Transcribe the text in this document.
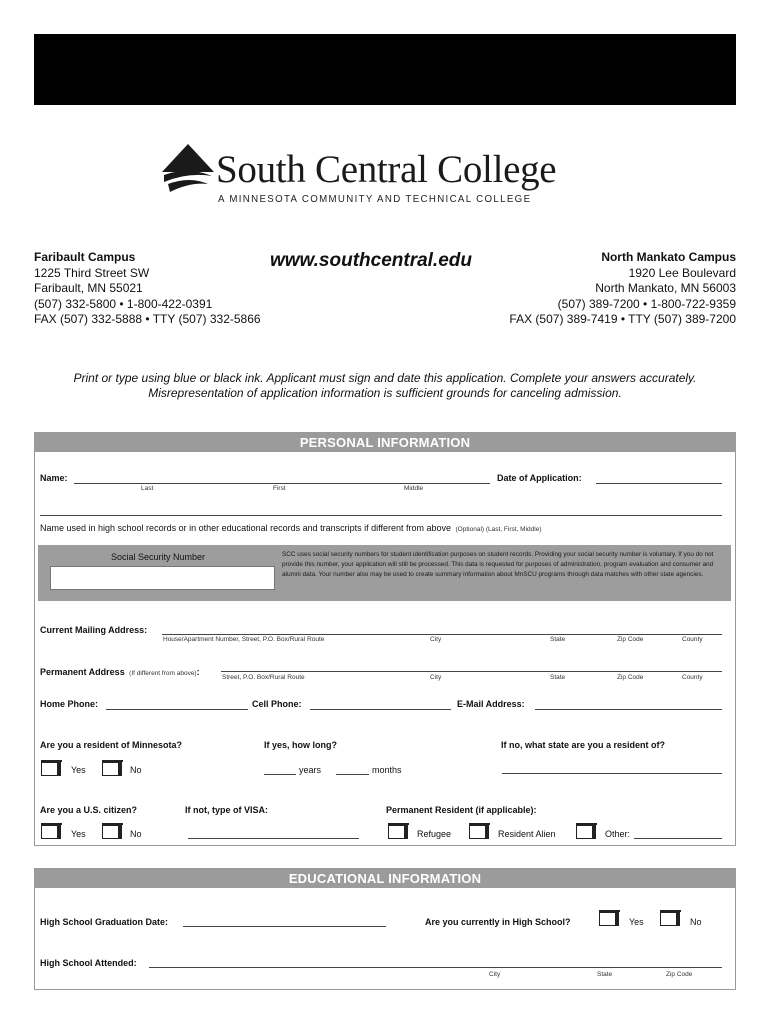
South Central College
A MINNESOTA COMMUNITY AND TECHNICAL COLLEGE
Faribault Campus
1225 Third Street SW
Faribault, MN 55021
(507) 332-5800 • 1-800-422-0391
FAX (507) 332-5888 • TTY (507) 332-5866
www.southcentral.edu	North Mankato Campus
1920 Lee Boulevard
North Mankato, MN 56003
(507) 389-7200 • 1-800-722-9359
FAX (507) 389-7419 • TTY (507) 389-7200
Print or type using blue or black ink. Applicant must sign and date this application. Complete your answers accurately.
Misrepresentation of application information is sufficient grounds for canceling admission.
PERSONAL INFORMATION
Name:
Last	First	Middle
Date of Application:
Name used in high school records or in other educational records and transcripts if different from above (Optional) (Last, First, Middle)
Social Security Number	SCC uses social security numbers for student identification purposes on student records. Providing your social security number is voluntary. If you do not provide this number, your application will still be processed. This data is requested for purposes of administration, program evaluation and consumer and alumni data. Your number also may be used to create summary information about MnSCU programs through data matches with other state agencies.
Current Mailing Address:
House/Apartment Number, Street, P.O. Box/Rural Route	City	State	Zip Code	County
Permanent Address (If different from above):
Street, P.O. Box/Rural Route	City	State	Zip Code	County
Home Phone:	Cell Phone:	E-Mail Address:
Are you a resident of Minnesota?
Yes	No
If yes, how long?
years	months
If no, what state are you a resident of?
Are you a U.S. citizen?
Yes	No
If not, type of VISA:	Permanent Resident (if applicable):
Refugee	Resident Alien	Other:
EDUCATIONAL INFORMATION
High School Graduation Date:	Are you currently in High School?	Yes	No
High School Attended:
City	State	Zip Code
